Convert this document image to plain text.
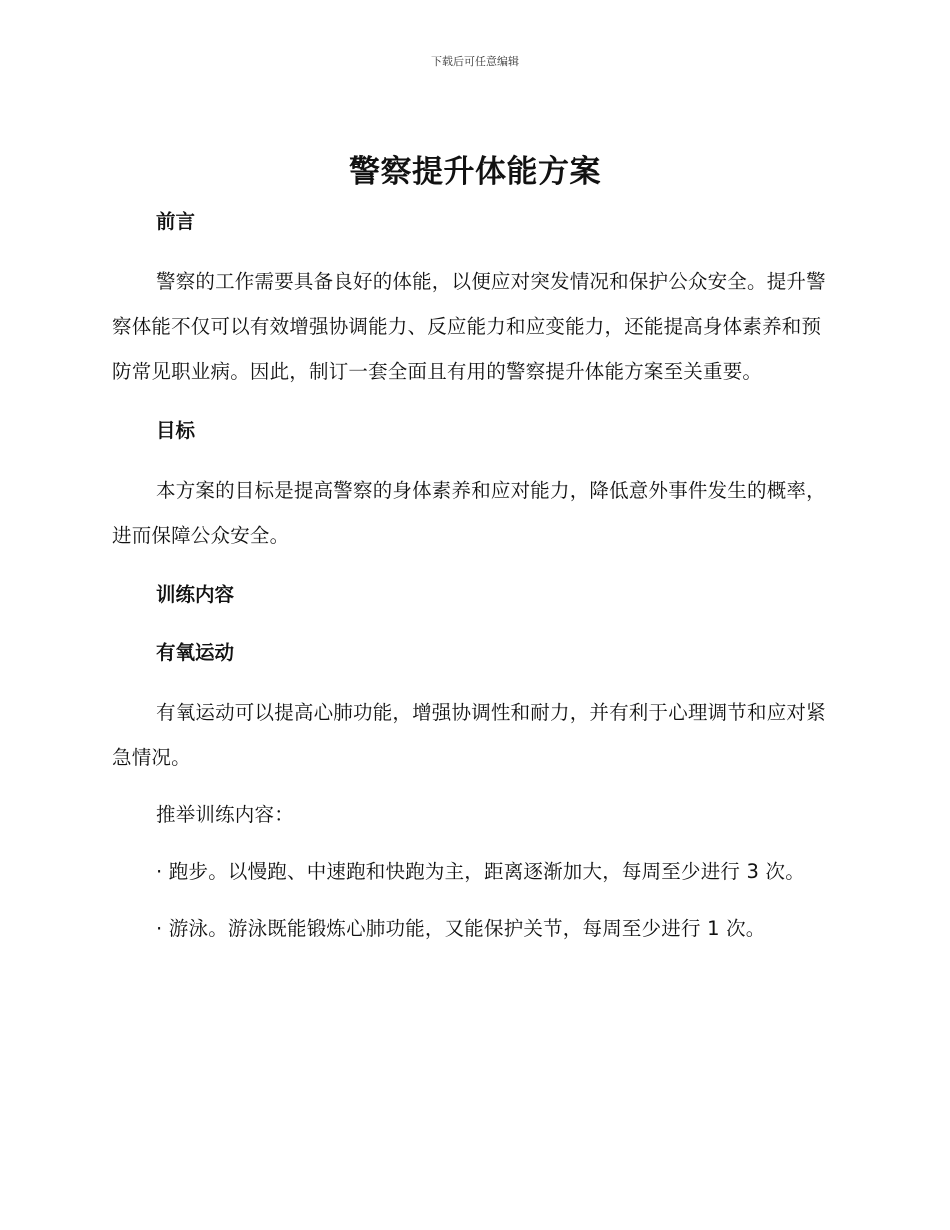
下载后可任意编辑
警察提升体能方案
前言

警察的工作需要具备良好的体能，以便应对突发情况和保护公众安全。提升警察体能不仅可以有效增强协调能力、反应能力和应变能力，还能提高身体素养和预防常见职业病。因此，制订一套全面且有用的警察提升体能方案至关重要。

目标

本方案的目标是提高警察的身体素养和应对能力，降低意外事件发生的概率，进而保障公众安全。

训练内容
有氧运动

有氧运动可以提高心肺功能，增强协调性和耐力，并有利于心理调节和应对紧急情况。

推举训练内容：

· 跑步。以慢跑、中速跑和快跑为主，距离逐渐加大，每周至少进行 3 次。

· 游泳。游泳既能锻炼心肺功能，又能保护关节，每周至少进行 1 次。
